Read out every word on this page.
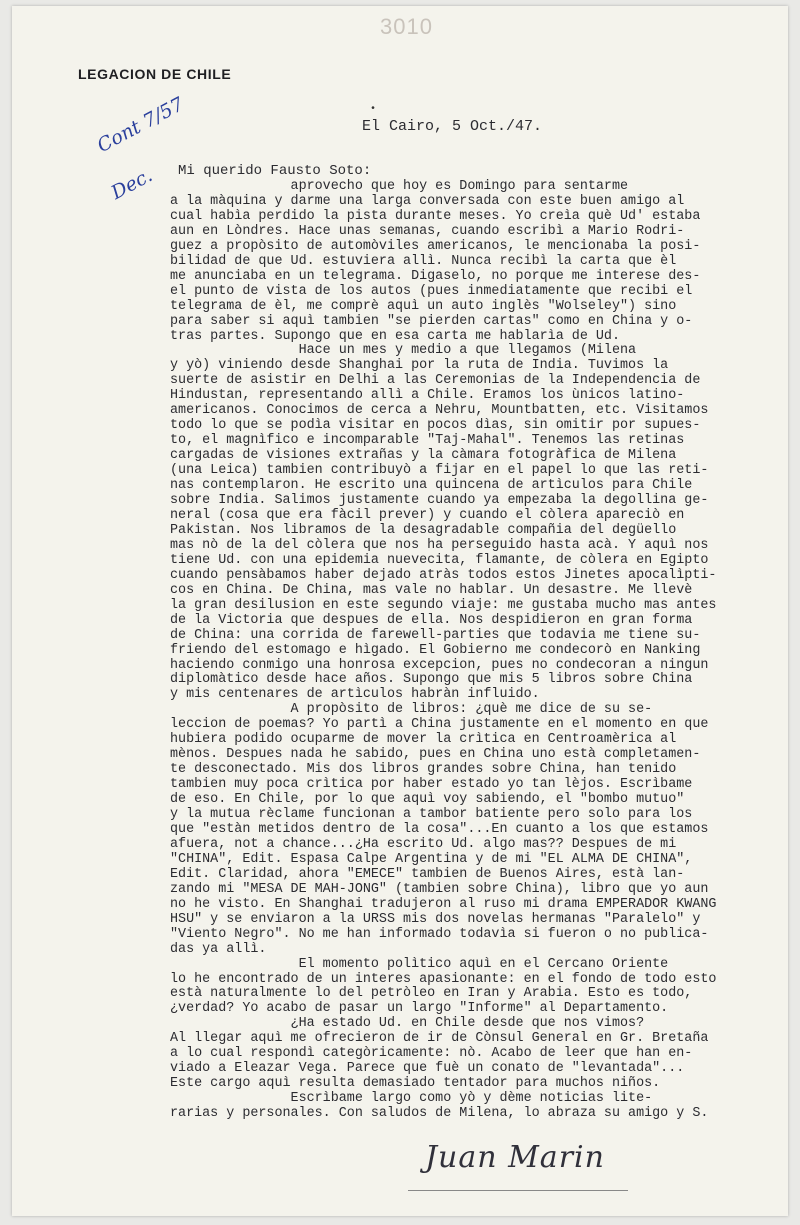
3010
LEGACION DE CHILE
Cont 7/57
Dec.
•
El Cairo, 5 Oct./47.
Mi querido Fausto Soto:
aprovecho que hoy es Domingo para sentarme
a la màquina y darme una larga conversada con este buen amigo al
cual habìa perdido la pista durante meses. Yo creìa què Ud' estaba
aun en Lòndres. Hace unas semanas, cuando escribì a Mario Rodri-
guez a propòsito de automòviles americanos, le mencionaba la posi-
bilidad de que Ud. estuviera allì. Nunca recibì la carta que èl
me anunciaba en un telegrama. Digaselo, no porque me interese des-
el punto de vista de los autos (pues inmediatamente que recibi el
telegrama de èl, me comprè aquì un auto inglès "Wolseley") sino
para saber si aquì tambien "se pierden cartas" como en China y o-
tras partes. Supongo que en esa carta me hablarìa de Ud.
Hace un mes y medio a que llegamos (Milena
y yò) viniendo desde Shanghai por la ruta de India. Tuvimos la
suerte de asistir en Delhi a las Ceremonias de la Independencia de
Hindustan, representando allì a Chile. Eramos los ùnicos latino-
americanos. Conocimos de cerca a Nehru, Mountbatten, etc. Visitamos
todo lo que se podìa visitar en pocos dìas, sin omitir por supues-
to, el magnìfico e incomparable "Taj-Mahal". Tenemos las retinas
cargadas de visiones extrañas y la càmara fotogràfica de Milena
(una Leica) tambien contribuyò a fijar en el papel lo que las reti-
nas contemplaron. He escrito una quincena de artìculos para Chile
sobre India. Salimos justamente cuando ya empezaba la degollina ge-
neral (cosa que era fàcil prever) y cuando el còlera apareciò en
Pakistan. Nos libramos de la desagradable compañia del degüello
mas nò de la del còlera que nos ha perseguido hasta acà. Y aquì nos
tiene Ud. con una epidemia nuevecita, flamante, de còlera en Egipto
cuando pensàbamos haber dejado atràs todos estos Jinetes apocalìpti-
cos en China. De China, mas vale no hablar. Un desastre. Me llevè
la gran desilusion en este segundo viaje: me gustaba mucho mas antes
de la Victoria que despues de ella. Nos despidieron en gran forma
de China: una corrida de farewell-parties que todavia me tiene su-
friendo del estomago e hìgado. El Gobierno me condecorò en Nanking
haciendo conmigo una honrosa excepcion, pues no condecoran a ningun
diplomàtico desde hace años. Supongo que mis 5 libros sobre China
y mis centenares de artìculos habràn influido.
A propòsito de libros: ¿què me dice de su se-
leccion de poemas? Yo partì a China justamente en el momento en que
hubiera podido ocuparme de mover la crìtica en Centroamèrica al
mènos. Despues nada he sabido, pues en China uno està completamen-
te desconectado. Mis dos libros grandes sobre China, han tenido
tambien muy poca crìtica por haber estado yo tan lèjos. Escrìbame
de eso. En Chile, por lo que aquì voy sabiendo, el "bombo mutuo"
y la mutua rèclame funcionan a tambor batiente pero solo para los
que "estàn metidos dentro de la cosa"...En cuanto a los que estamos
afuera, not a chance...¿Ha escrito Ud. algo mas?? Despues de mi
"CHINA", Edit. Espasa Calpe Argentina y de mi "EL ALMA DE CHINA",
Edit. Claridad, ahora "EMECE" tambien de Buenos Aires, està lan-
zando mi "MESA DE MAH-JONG" (tambien sobre China), libro que yo aun
no he visto. En Shanghai tradujeron al ruso mi drama EMPERADOR KWANG
HSU" y se enviaron a la URSS mis dos novelas hermanas "Paralelo" y
"Viento Negro". No me han informado todavìa si fueron o no publica-
das ya allì.
El momento polìtico aquì en el Cercano Oriente
lo he encontrado de un interes apasionante: en el fondo de todo esto
està naturalmente lo del petròleo en Iran y Arabia. Esto es todo,
¿verdad? Yo acabo de pasar un largo "Informe" al Departamento.
¿Ha estado Ud. en Chile desde que nos vimos?
Al llegar aquì me ofrecieron de ir de Cònsul General en Gr. Bretaña
a lo cual respondì categòricamente: nò. Acabo de leer que han en-
viado a Eleazar Vega. Parece que fuè un conato de "levantada"...
Este cargo aquì resulta demasiado tentador para muchos niños.
Escrìbame largo como yò y dème noticias lite-
rarias y personales. Con saludos de Milena, lo abraza su amigo y S.
Juan Marin
